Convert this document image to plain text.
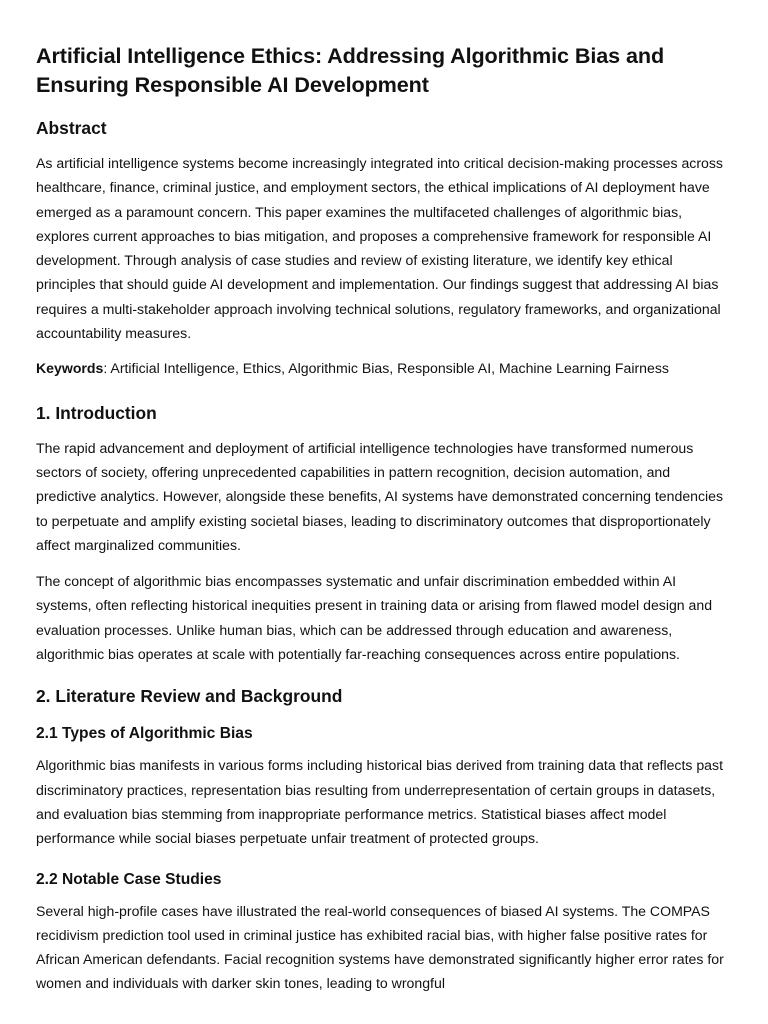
Artificial Intelligence Ethics: Addressing Algorithmic Bias and Ensuring Responsible AI Development
Abstract

As artificial intelligence systems become increasingly integrated into critical decision-making processes across healthcare, finance, criminal justice, and employment sectors, the ethical implications of AI deployment have emerged as a paramount concern. This paper examines the multifaceted challenges of algorithmic bias, explores current approaches to bias mitigation, and proposes a comprehensive framework for responsible AI development. Through analysis of case studies and review of existing literature, we identify key ethical principles that should guide AI development and implementation. Our findings suggest that addressing AI bias requires a multi-stakeholder approach involving technical solutions, regulatory frameworks, and organizational accountability measures.

Keywords: Artificial Intelligence, Ethics, Algorithmic Bias, Responsible AI, Machine Learning Fairness

1. Introduction

The rapid advancement and deployment of artificial intelligence technologies have transformed numerous sectors of society, offering unprecedented capabilities in pattern recognition, decision automation, and predictive analytics. However, alongside these benefits, AI systems have demonstrated concerning tendencies to perpetuate and amplify existing societal biases, leading to discriminatory outcomes that disproportionately affect marginalized communities.

The concept of algorithmic bias encompasses systematic and unfair discrimination embedded within AI systems, often reflecting historical inequities present in training data or arising from flawed model design and evaluation processes. Unlike human bias, which can be addressed through education and awareness, algorithmic bias operates at scale with potentially far-reaching consequences across entire populations.

2. Literature Review and Background
2.1 Types of Algorithmic Bias

Algorithmic bias manifests in various forms including historical bias derived from training data that reflects past discriminatory practices, representation bias resulting from underrepresentation of certain groups in datasets, and evaluation bias stemming from inappropriate performance metrics. Statistical biases affect model performance while social biases perpetuate unfair treatment of protected groups.

2.2 Notable Case Studies

Several high-profile cases have illustrated the real-world consequences of biased AI systems. The COMPAS recidivism prediction tool used in criminal justice has exhibited racial bias, with higher false positive rates for African American defendants. Facial recognition systems have demonstrated significantly higher error rates for women and individuals with darker skin tones, leading to wrongful
